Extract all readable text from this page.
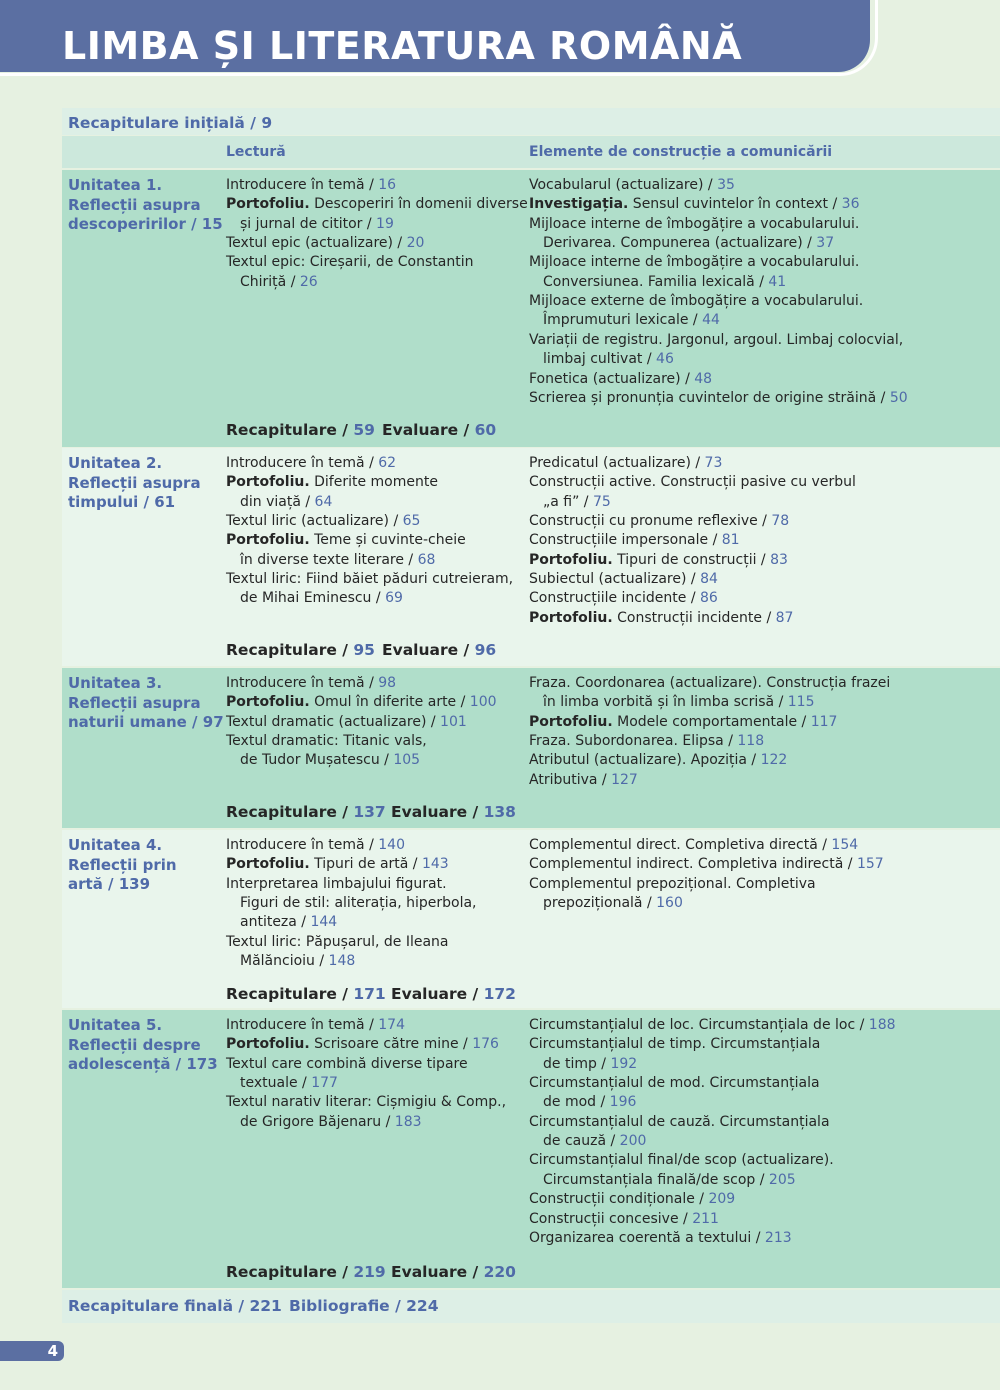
LIMBA ȘI LITERATURA ROMÂNĂ
Recapitulare inițială / 9
Lectură	Elemente de construcție a comunicării
Unitatea 1.
Reflecții asupra
descoperirilor / 15
Introducere în temă / 16
Portofoliu. Descoperiri în domenii diverse
și jurnal de cititor / 19
Textul epic (actualizare) / 20
Textul epic: Cireșarii, de Constantin
Chiriță / 26
Vocabularul (actualizare) / 35
Investigația. Sensul cuvintelor în context / 36
Mijloace interne de îmbogățire a vocabularului.
Derivarea. Compunerea (actualizare) / 37
Mijloace interne de îmbogățire a vocabularului.
Conversiunea. Familia lexicală / 41
Mijloace externe de îmbogățire a vocabularului.
Împrumuturi lexicale / 44
Variații de registru. Jargonul, argoul. Limbaj colocvial,
limbaj cultivat / 46
Fonetica (actualizare) / 48
Scrierea și pronunția cuvintelor de origine străină / 50
Recapitulare / 59 Evaluare / 60
Unitatea 2.
Reflecții asupra
timpului / 61
Introducere în temă / 62
Portofoliu. Diferite momente
din viață / 64
Textul liric (actualizare) / 65
Portofoliu. Teme și cuvinte-cheie
în diverse texte literare / 68
Textul liric: Fiind băiet păduri cutreieram,
de Mihai Eminescu / 69
Predicatul (actualizare) / 73
Construcții active. Construcții pasive cu verbul
„a fi” / 75
Construcții cu pronume reflexive / 78
Construcțiile impersonale / 81
Portofoliu. Tipuri de construcții / 83
Subiectul (actualizare) / 84
Construcțiile incidente / 86
Portofoliu. Construcții incidente / 87
Recapitulare / 95 Evaluare / 96
Unitatea 3.
Reflecții asupra
naturii umane / 97
Introducere în temă / 98
Portofoliu. Omul în diferite arte / 100
Textul dramatic (actualizare) / 101
Textul dramatic: Titanic vals,
de Tudor Mușatescu / 105
Fraza. Coordonarea (actualizare). Construcția frazei
în limba vorbită și în limba scrisă / 115
Portofoliu. Modele comportamentale / 117
Fraza. Subordonarea. Elipsa / 118
Atributul (actualizare). Apoziția / 122
Atributiva / 127
Recapitulare / 137 Evaluare / 138
Unitatea 4.
Reflecții prin
artă / 139
Introducere în temă / 140
Portofoliu. Tipuri de artă / 143
Interpretarea limbajului figurat.
Figuri de stil: aliterația, hiperbola,
antiteza / 144
Textul liric: Păpușarul, de Ileana
Mălăncioiu / 148
Complementul direct. Completiva directă / 154
Complementul indirect. Completiva indirectă / 157
Complementul prepozițional. Completiva
prepozițională / 160
Recapitulare / 171 Evaluare / 172
Unitatea 5.
Reflecții despre
adolescență / 173
Introducere în temă / 174
Portofoliu. Scrisoare către mine / 176
Textul care combină diverse tipare
textuale / 177
Textul narativ literar: Cișmigiu & Comp.,
de Grigore Băjenaru / 183
Circumstanțialul de loc. Circumstanțiala de loc / 188
Circumstanțialul de timp. Circumstanțiala
de timp / 192
Circumstanțialul de mod. Circumstanțiala
de mod / 196
Circumstanțialul de cauză. Circumstanțiala
de cauză / 200
Circumstanțialul final/de scop (actualizare).
Circumstanțiala finală/de scop / 205
Construcții condiționale / 209
Construcții concesive / 211
Organizarea coerentă a textului / 213
Recapitulare / 219 Evaluare / 220
Recapitulare finală / 221 Bibliografie / 224
4
